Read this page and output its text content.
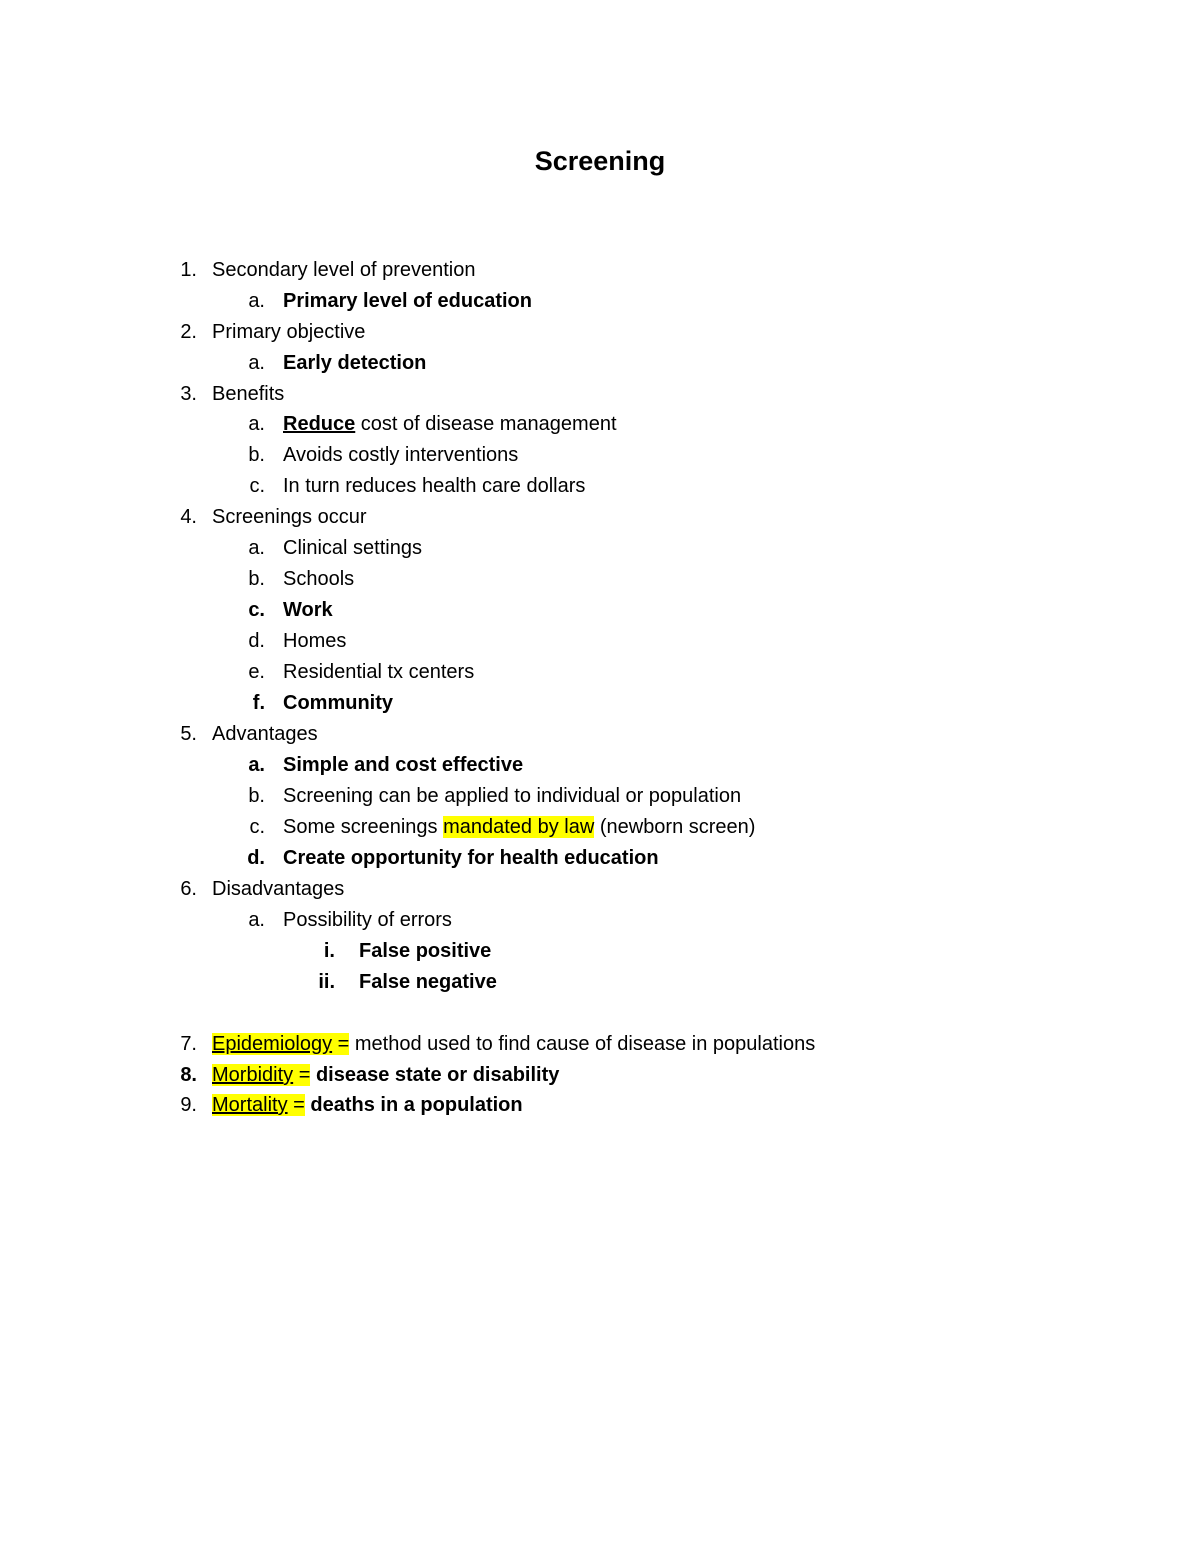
Screening
1. Secondary level of prevention
a. Primary level of education
2. Primary objective
a. Early detection
3. Benefits
a. Reduce cost of disease management
b. Avoids costly interventions
c. In turn reduces health care dollars
4. Screenings occur
a. Clinical settings
b. Schools
c. Work
d. Homes
e. Residential tx centers
f. Community
5. Advantages
a. Simple and cost effective
b. Screening can be applied to individual or population
c. Some screenings mandated by law (newborn screen)
d. Create opportunity for health education
6. Disadvantages
a. Possibility of errors
i. False positive
ii. False negative
7. Epidemiology = method used to find cause of disease in populations
8. Morbidity = disease state or disability
9. Mortality = deaths in a population
